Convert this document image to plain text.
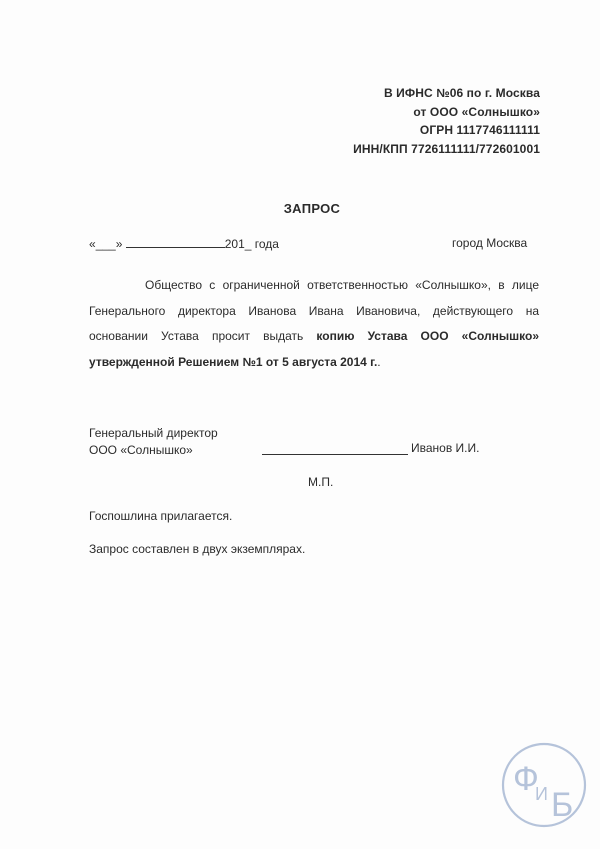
В ИФНС №06 по г. Москва
от ООО «Солнышко»
ОГРН 1117746111111
ИНН/КПП 7726111111/772601001
ЗАПРОС
«___»	201_ года	город Москва
Общество с ограниченной ответственностью «Солнышко», в лице Генерального директора Иванова Ивана Ивановича, действующего на основании Устава просит выдать копию Устава ООО «Солнышко» утвержденной Решением №1 от 5 августа 2014 г..
Генеральный директор
ООО «Солнышко»	Иванов И.И.
М.П.
Госпошлина прилагается.
Запрос составлен в двух экземплярах.
Ф
И Б
